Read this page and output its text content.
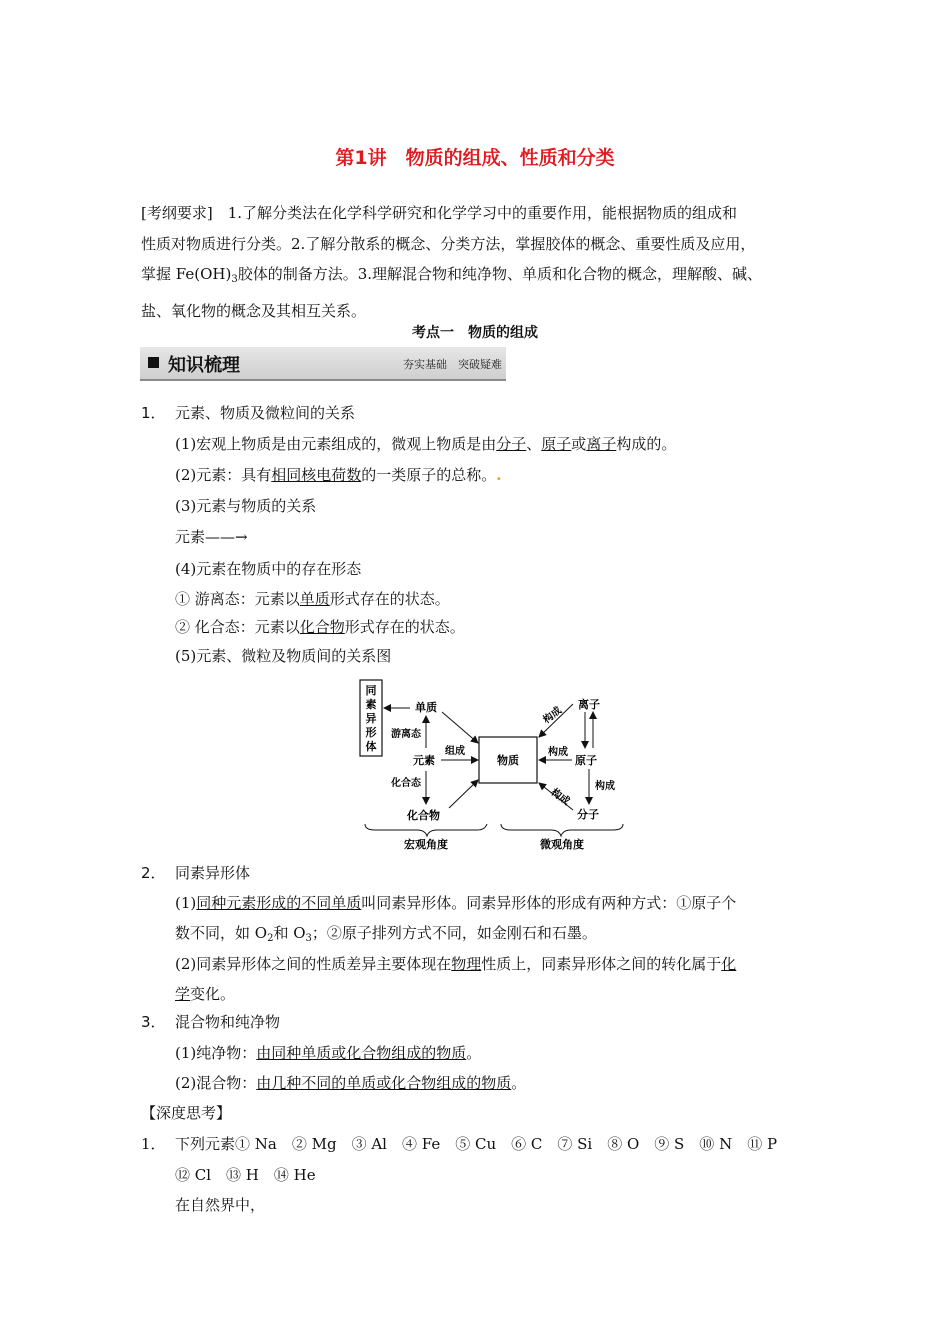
第1讲　物质的组成、性质和分类
[考纲要求]　 1.了解分类法在化学科学研究和化学学习中的重要作用，能根据物质的组成和
性质对物质进行分类。2.了解分散系的概念、分类方法，掌握胶体的概念、重要性质及应用，
掌握 $Fe(OH)_3$胶体的制备方法。3.理解混合物和纯净物、单质和化合物的概念，理解酸、碱、
盐、氧化物的概念及其相互关系。
考点一　物质的组成
知识梳理	夯实基础　突破疑难
1． 元素、物质及微粒间的关系
(1)宏观上物质是由元素组成的，微观上物质是由分子、原子或离子构成的。
(2)元素：具有相同核电荷数的一类原子的总称。.
(3)元素与物质的关系
元素——→
(4)元素在物质中的存在形态
① 游离态：元素以单质形式存在的状态。
② 化合态：元素以化合物形式存在的状态。
(5)元素、微粒及物质间的关系图
同
素
异
形
体
单质
游离态
元素
组成
化合态
化合物
物质
离子
构成
原子
构成
构成
分子
构成
宏观角度	微观角度
2． 同素异形体
(1)同种元素形成的不同单质叫同素异形体。同素异形体的形成有两种方式：①原子个
数不同，如 $O_2$和 $O_3$；②原子排列方式不同，如金刚石和石墨。
(2)同素异形体之间的性质差异主要体现在物理性质上，同素异形体之间的转化属于化
学变化。
3． 混合物和纯净物
(1)纯净物：由同种单质或化合物组成的物质。
(2)混合物：由几种不同的单质或化合物组成的物质。
【深度思考】
1． 下列元素① Na　② Mg　③ Al　④ Fe　⑤ Cu　⑥ C　⑦ Si　⑧ O　⑨ S　⑩ N　⑪ P
⑫ Cl　⑬ H　⑭ He
在自然界中，
